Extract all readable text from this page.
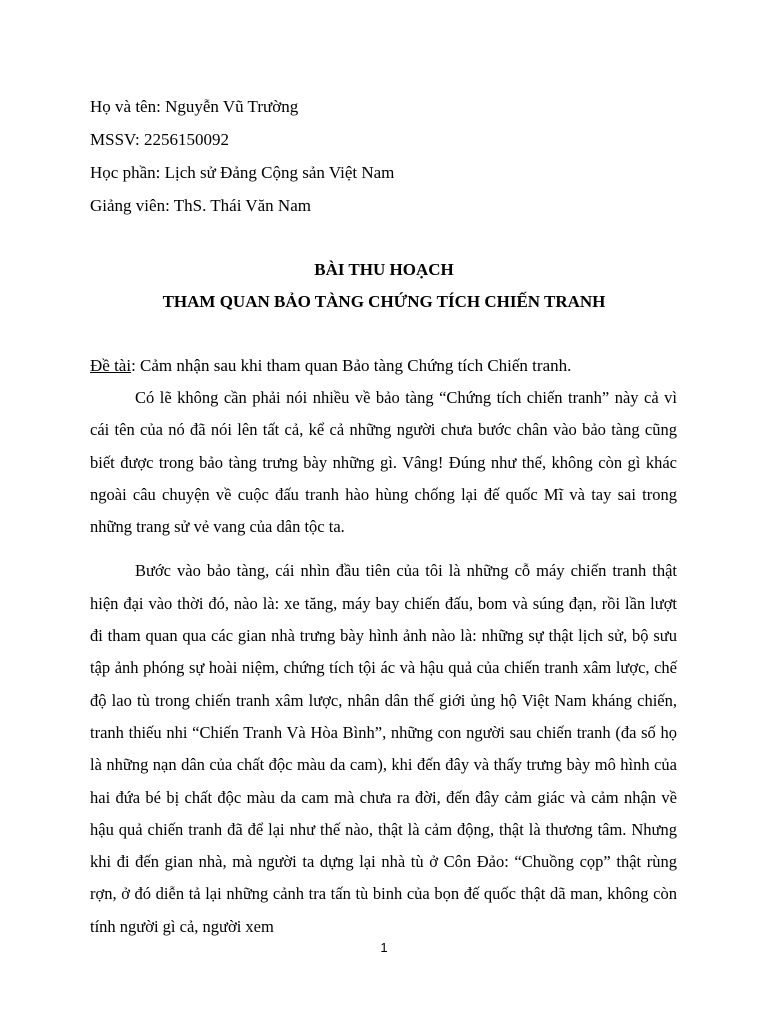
Họ và tên: Nguyễn Vũ Trường
MSSV: 2256150092
Học phần: Lịch sử Đảng Cộng sản Việt Nam
Giảng viên: ThS. Thái Văn Nam
BÀI THU HOẠCH
THAM QUAN BẢO TÀNG CHỨNG TÍCH CHIẾN TRANH
Đề tài: Cảm nhận sau khi tham quan Bảo tàng Chứng tích Chiến tranh.

Có lẽ không cần phải nói nhiều về bảo tàng “Chứng tích chiến tranh” này cả vì cái tên của nó đã nói lên tất cả, kể cả những người chưa bước chân vào bảo tàng cũng biết được trong bảo tàng trưng bày những gì. Vâng! Đúng như thế, không còn gì khác ngoài câu chuyện về cuộc đấu tranh hào hùng chống lại đế quốc Mĩ và tay sai trong những trang sử vẻ vang của dân tộc ta.

Bước vào bảo tàng, cái nhìn đầu tiên của tôi là những cỗ máy chiến tranh thật hiện đại vào thời đó, nào là: xe tăng, máy bay chiến đấu, bom và súng đạn, rồi lần lượt đi tham quan qua các gian nhà trưng bày hình ảnh nào là: những sự thật lịch sử, bộ sưu tập ảnh phóng sự hoài niệm, chứng tích tội ác và hậu quả của chiến tranh xâm lược, chế độ lao tù trong chiến tranh xâm lược, nhân dân thế giới ủng hộ Việt Nam kháng chiến, tranh thiếu nhi “Chiến Tranh Và Hòa Bình”, những con người sau chiến tranh (đa số họ là những nạn dân của chất độc màu da cam), khi đến đây và thấy trưng bày mô hình của hai đứa bé bị chất độc màu da cam mà chưa ra đời, đến đây cảm giác và cảm nhận về hậu quả chiến tranh đã để lại như thế nào, thật là cảm động, thật là thương tâm. Nhưng khi đi đến gian nhà, mà người ta dựng lại nhà tù ở Côn Đảo: “Chuồng cọp” thật rùng rợn, ở đó diễn tả lại những cảnh tra tấn tù binh của bọn đế quốc thật dã man, không còn tính người gì cả, người xem

1
